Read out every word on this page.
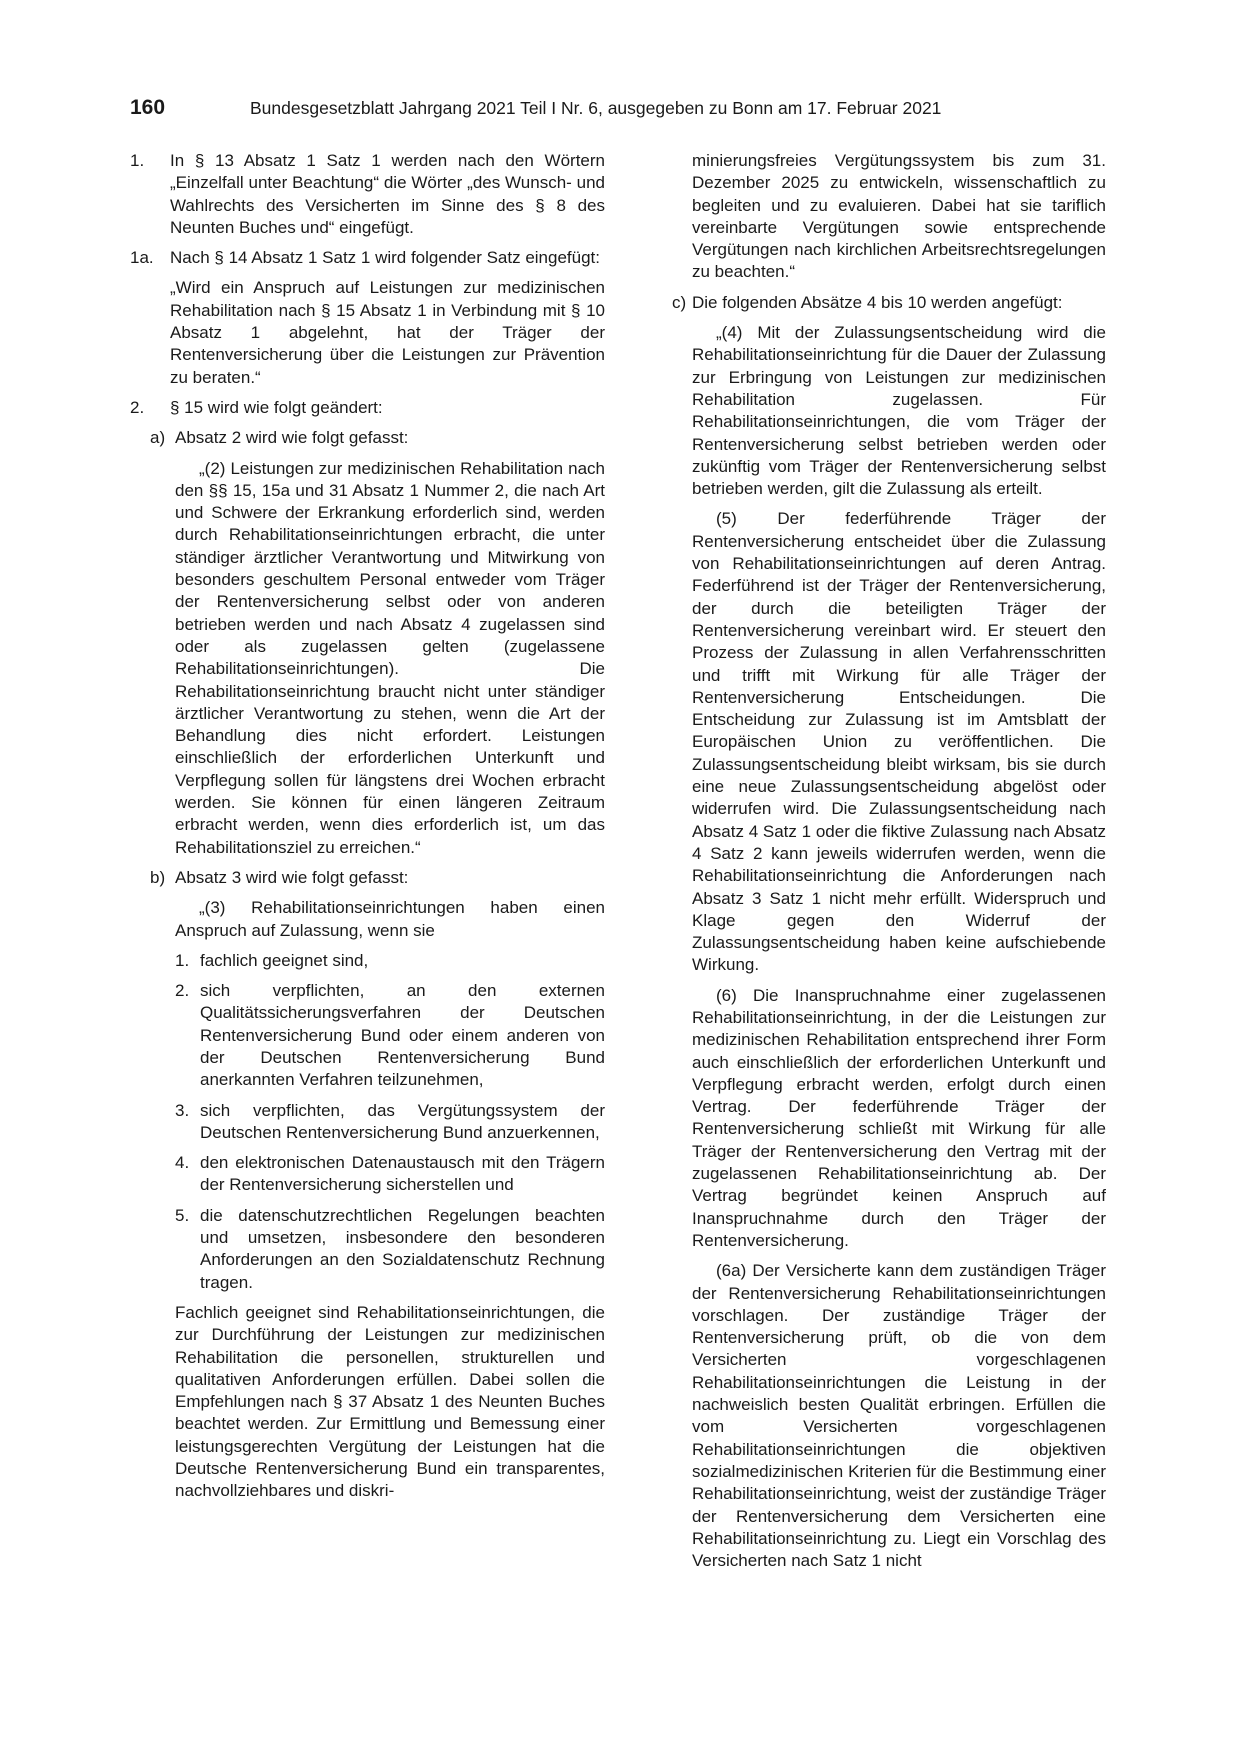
160	Bundesgesetzblatt Jahrgang 2021 Teil I Nr. 6, ausgegeben zu Bonn am 17. Februar 2021
1. In § 13 Absatz 1 Satz 1 werden nach den Wörtern „Einzelfall unter Beachtung“ die Wörter „des Wunsch- und Wahlrechts des Versicherten im Sinne des § 8 des Neunten Buches und“ eingefügt.
1a. Nach § 14 Absatz 1 Satz 1 wird folgender Satz eingefügt:

„Wird ein Anspruch auf Leistungen zur medizinischen Rehabilitation nach § 15 Absatz 1 in Verbindung mit § 10 Absatz 1 abgelehnt, hat der Träger der Rentenversicherung über die Leistungen zur Prävention zu beraten.“

2. § 15 wird wie folgt geändert:
a) Absatz 2 wird wie folgt gefasst:

„(2) Leistungen zur medizinischen Rehabilitation nach den §§ 15, 15a und 31 Absatz 1 Nummer 2, die nach Art und Schwere der Erkrankung erforderlich sind, werden durch Rehabilitationseinrichtungen erbracht, die unter ständiger ärztlicher Verantwortung und Mitwirkung von besonders geschultem Personal entweder vom Träger der Rentenversicherung selbst oder von anderen betrieben werden und nach Absatz 4 zugelassen sind oder als zugelassen gelten (zugelassene Rehabilitationseinrichtungen). Die Rehabilitationseinrichtung braucht nicht unter ständiger ärztlicher Verantwortung zu stehen, wenn die Art der Behandlung dies nicht erfordert. Leistungen einschließlich der erforderlichen Unterkunft und Verpflegung sollen für längstens drei Wochen erbracht werden. Sie können für einen längeren Zeitraum erbracht werden, wenn dies erforderlich ist, um das Rehabilitationsziel zu erreichen.“

b) Absatz 3 wird wie folgt gefasst:

„(3) Rehabilitationseinrichtungen haben einen Anspruch auf Zulassung, wenn sie

1. fachlich geeignet sind,
2. sich verpflichten, an den externen Qualitätssicherungsverfahren der Deutschen Rentenversicherung Bund oder einem anderen von der Deutschen Rentenversicherung Bund anerkannten Verfahren teilzunehmen,
3. sich verpflichten, das Vergütungssystem der Deutschen Rentenversicherung Bund anzuerkennen,
4. den elektronischen Datenaustausch mit den Trägern der Rentenversicherung sicherstellen und
5. die datenschutzrechtlichen Regelungen beachten und umsetzen, insbesondere den besonderen Anforderungen an den Sozialdatenschutz Rechnung tragen.

Fachlich geeignet sind Rehabilitationseinrichtungen, die zur Durchführung der Leistungen zur medizinischen Rehabilitation die personellen, strukturellen und qualitativen Anforderungen erfüllen. Dabei sollen die Empfehlungen nach § 37 Absatz 1 des Neunten Buches beachtet werden. Zur Ermittlung und Bemessung einer leistungsgerechten Vergütung der Leistungen hat die Deutsche Rentenversicherung Bund ein transparentes, nachvollziehbares und diskri-

minierungsfreies Vergütungssystem bis zum 31. Dezember 2025 zu entwickeln, wissenschaftlich zu begleiten und zu evaluieren. Dabei hat sie tariflich vereinbarte Vergütungen sowie entsprechende Vergütungen nach kirchlichen Arbeitsrechtsregelungen zu beachten.“

c) Die folgenden Absätze 4 bis 10 werden angefügt:

„(4) Mit der Zulassungsentscheidung wird die Rehabilitationseinrichtung für die Dauer der Zulassung zur Erbringung von Leistungen zur medizinischen Rehabilitation zugelassen. Für Rehabilitationseinrichtungen, die vom Träger der Rentenversicherung selbst betrieben werden oder zukünftig vom Träger der Rentenversicherung selbst betrieben werden, gilt die Zulassung als erteilt.

(5) Der federführende Träger der Rentenversicherung entscheidet über die Zulassung von Rehabilitationseinrichtungen auf deren Antrag. Federführend ist der Träger der Rentenversicherung, der durch die beteiligten Träger der Rentenversicherung vereinbart wird. Er steuert den Prozess der Zulassung in allen Verfahrensschritten und trifft mit Wirkung für alle Träger der Rentenversicherung Entscheidungen. Die Entscheidung zur Zulassung ist im Amtsblatt der Europäischen Union zu veröffentlichen. Die Zulassungsentscheidung bleibt wirksam, bis sie durch eine neue Zulassungsentscheidung abgelöst oder widerrufen wird. Die Zulassungsentscheidung nach Absatz 4 Satz 1 oder die fiktive Zulassung nach Absatz 4 Satz 2 kann jeweils widerrufen werden, wenn die Rehabilitationseinrichtung die Anforderungen nach Absatz 3 Satz 1 nicht mehr erfüllt. Widerspruch und Klage gegen den Widerruf der Zulassungsentscheidung haben keine aufschiebende Wirkung.

(6) Die Inanspruchnahme einer zugelassenen Rehabilitationseinrichtung, in der die Leistungen zur medizinischen Rehabilitation entsprechend ihrer Form auch einschließlich der erforderlichen Unterkunft und Verpflegung erbracht werden, erfolgt durch einen Vertrag. Der federführende Träger der Rentenversicherung schließt mit Wirkung für alle Träger der Rentenversicherung den Vertrag mit der zugelassenen Rehabilitationseinrichtung ab. Der Vertrag begründet keinen Anspruch auf Inanspruchnahme durch den Träger der Rentenversicherung.

(6a) Der Versicherte kann dem zuständigen Träger der Rentenversicherung Rehabilitationseinrichtungen vorschlagen. Der zuständige Träger der Rentenversicherung prüft, ob die von dem Versicherten vorgeschlagenen Rehabilitationseinrichtungen die Leistung in der nachweislich besten Qualität erbringen. Erfüllen die vom Versicherten vorgeschlagenen Rehabilitationseinrichtungen die objektiven sozialmedizinischen Kriterien für die Bestimmung einer Rehabilitationseinrichtung, weist der zuständige Träger der Rentenversicherung dem Versicherten eine Rehabilitationseinrichtung zu. Liegt ein Vorschlag des Versicherten nach Satz 1 nicht
